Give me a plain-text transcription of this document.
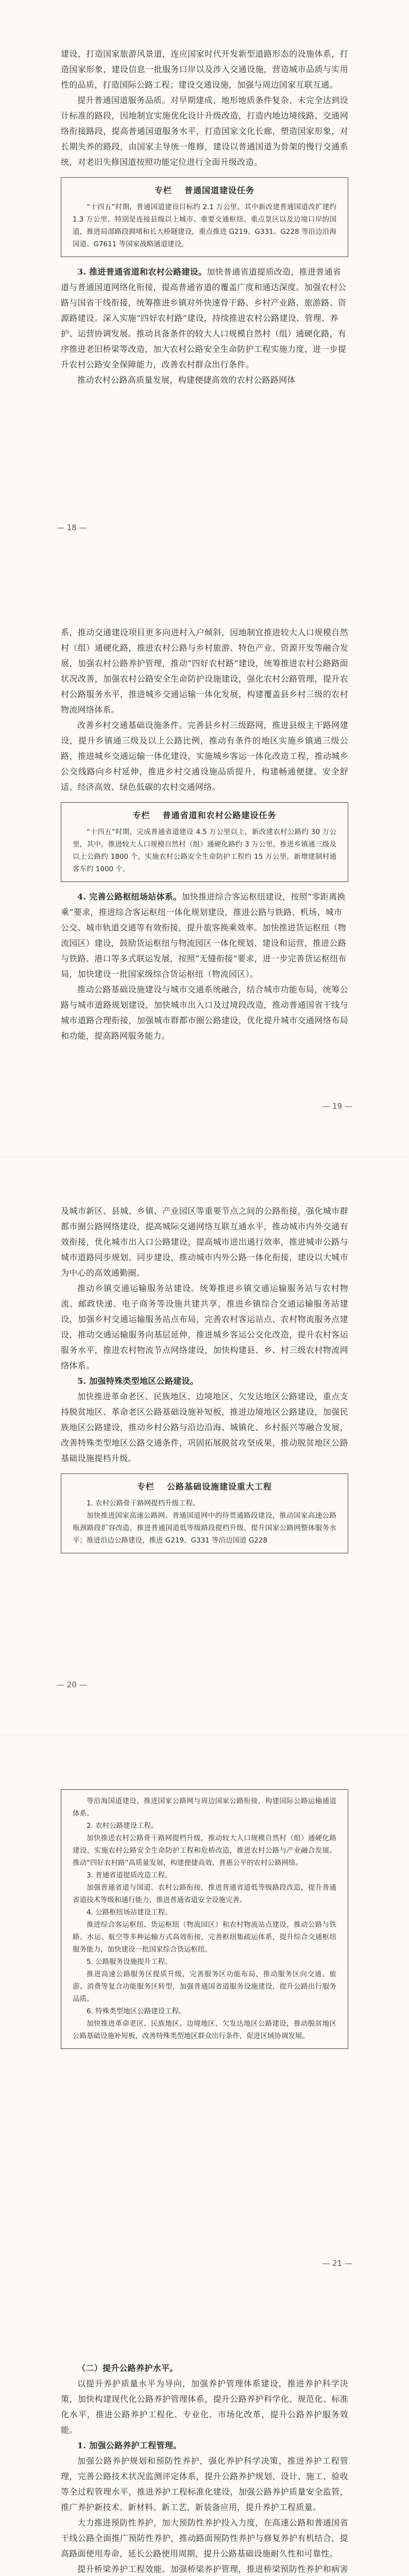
建设，打造国家旅游风景道，连应国家时代开发新型道路形态的设施体系，打造国家形象，建设信息一批服务口岸以及涉入交通设施，营造城市品质与实用性的品质，打造国际公路工程；建设交通设施，加强与周边国家互联互通。

提升普通国道服务品质。对早期建成、地形地质条件复杂、未完全达到设计标准的路段，因地制宜实施优化设计升级改造，打造内地边境线路、交通网络衔接路段，提高普通国道服务水平，打造国家文化长廊，塑造国家形象，对长期失养的路段，由国家主导统一维修，建设以普通国道为骨架的慢行交通系统，对老旧失修国道按照功能定位进行全面升级改造。

专栏 普通国道建设任务

“十四五”时期，普通国道建设目标约 2.1 万公里。其中新改建普通国道改扩建约 1.3 万公里，特别是连接县级以上城市、重要交通枢纽、重点景区以及边境口岸的国道，推进局部路段拥堵和长大桥隧建设，重点推进 G219、G331、G228 等沿边沿海国道、G7611 等国家战略通道建设。

3. 推进普通省道和农村公路建设。加快普通省道提质改造，推进普通省道与普通国道网络化衔接，提高普通省道的覆盖广度和通达深度。加强农村公路与国省干线衔接，统筹推进乡镇对外快速骨干路、乡村产业路、旅游路、资源路建设。深入实施“四好农村路”建设，持续推进农村公路建设、管理、养护、运营协调发展。推动具备条件的较大人口规模自然村（组）通硬化路，有序推进老旧桥梁等改造，加大农村公路安全生命防护工程实施力度，进一步提升农村公路安全保障能力，改善农村群众出行条件。

推动农村公路高质量发展，构建便捷高效的农村公路路网体

— 18 —

系，推动交通建设项目更多向进村入户倾斜，因地制宜推进较大人口规模自然村（组）通硬化路，推进农村公路与乡村旅游、特色产业、资源开发等融合发展，加强农村公路养护管理，推动“四好农村路”建设，统筹推进农村公路路面状况改善，加强农村公路安全生命防护设施建设，强化农村公路管理，提升农村公路服务水平，推进城乡交通运输一体化发展，构建覆盖县乡村三级的农村物流网络体系。

改善乡村交通基础设施条件。完善县乡村三级路网，推进县级主干路网建设，提升乡镇通三级及以上公路比例，推动有条件的地区实施乡镇通三级公路，推进城乡交通运输一体化建设，实施城乡客运一体化改造工程，推动城乡公交线路向乡村延伸，推进乡村交通设施品质提升，构建畅通便捷、安全舒适、经济高效、绿色低碳的农村交通网络。

专栏 普通省道和农村公路建设任务

“十四五”时期，完成普通省道建设 4.5 万公里以上，新改建农村公路约 30 万公里，其中，推进较大人口规模自然村（组）通硬化路约 3 万公里，推进乡镇通三级及以上公路约 1800 个，实施农村公路安全生命防护工程约 15 万公里，新增建制村通客车约 1000 个。

4. 完善公路枢纽场站体系。加快推进综合客运枢纽建设，按照“零距离换乘”要求，推进综合客运枢纽一体化规划建设，推进公路与铁路、机场、城市公交、城市轨道交通等有效衔接，提升旅客换乘效率。加快推进货运枢纽（物流园区）建设，鼓励货运枢纽与物流园区一体化规划、建设和运营，推进公路与铁路、港口等多式联运发展，按照“无缝衔接”要求，进一步完善货运枢纽布局，加快建设一批国家级综合货运枢纽（物流园区）。

推动公路基础设施建设与城市交通系统融合，结合城市功能布局，统筹公路与城市道路规划建设，加快城市出入口及过境段改造，推动普通国省干线与城市道路合理衔接，加强城市群都市圈公路建设，优化提升城市交通网络布局和功能，提高路网服务能力。

— 19 —

及城市新区、县城、乡镇、产业园区等重要节点之间的公路衔接，强化城市群都市圈公路网络建设，提高城际交通网络互联互通水平，推动城市内外交通有效衔接，优化城市出入口公路建设，提高城市进出通行效率，推进城市公路与城市道路同步规划、同步建设，推动城市内外公路一体化衔接，建设以大城市为中心的高效通勤圈。

推动乡镇交通运输服务站建设。统筹推进乡镇交通运输服务站与农村物流、邮政快递、电子商务等设施共建共享，推进乡镇综合交通运输服务站建设，加强乡村交通运输服务站点布局，完善农村客运站点、农村物流服务点建设，推动交通运输服务向基层延伸，推进城乡客运公交化改造，提升农村客运服务水平，推进农村物流节点网络建设，加快构建县、乡、村三级农村物流网络体系。

5. 加强特殊类型地区公路建设。

加快推进革命老区、民族地区、边境地区、欠发达地区公路建设，重点支持脱贫地区、革命老区公路基础设施补短板，推进边境地区公路建设，加强民族地区公路建设，推动乡村公路与沿边沿海、城镇化、乡村振兴等融合发展，改善特殊类型地区公路交通条件，巩固拓展脱贫攻坚成果，推动脱贫地区公路基础设施提档升级。

专栏 公路基础设施建设重大工程

1. 农村公路骨干路网提档升级工程。

加快推进国家高速公路网、普通国道网中的待贯通路段建设，推动国家高速公路瓶颈路段扩容改造，推进普通国道低等级路段提档升级，提升国家公路网整体服务水平；推进沿边公路建设，推进 G219、G331 等沿边国道 G228

— 20 —

等沿海国道建设，推进国家公路网与周边国家公路衔接，构建国际公路运输通道体系。

2. 农村公路建设工程。

加快推进农村公路骨干路网提档升级，推动较大人口规模自然村（组）通硬化路建设，实施农村公路安全生命防护工程和危桥改造，推进农村公路与产业融合发展。推动“四好农村路”高质量发展，构建便捷高效、普惠公平的农村公路网络。

3. 普通省道提质改造工程。

加强普通省道与国道、农村公路衔接，推进普通省道低等级路段改造，提升普通省道技术等级和通行能力，推进普通省道安全设施完善。

4. 公路枢纽场站建设工程。

推进综合客运枢纽、货运枢纽（物流园区）和农村物流站点建设，推动公路与铁路、水运、航空等多种运输方式高效衔接，完善枢纽集疏运体系，提升综合交通枢纽服务能力，加快建设一批国家综合货运枢纽。

5. 公路服务设施提升工程。

推进高速公路服务区提质升级，完善服务区功能布局，推动服务区向交通、旅游、消费等复合功能服务区转型，加强普通国省道服务设施建设，提升公路出行服务品质。

6. 特殊类型地区公路建设工程。

加快推进革命老区、民族地区、边境地区、欠发达地区公路建设，推动脱贫地区公路基础设施补短板，改善特殊类型地区群众出行条件，促进区域协调发展。

— 21 —

（二）提升公路养护水平。

以提升养护质量水平为导向，加强养护管理体系建设，推进养护科学决策，加快构建现代化公路养护管理体系，提升公路养护科学化、规范化、标准化水平，推进公路养护工程化、专业化、市场化改革，提升公路养护服务效能。

1. 加强公路养护工程管理。

加强公路养护规划和预防性养护，强化养护科学决策，推进养护工程管理，完善公路技术状况监测评定体系，提升公路养护规划、设计、施工、验收等全过程管理水平，推进养护工程标准化建设，加强公路养护质量安全监管，推广养护新技术、新材料、新工艺、新装备应用，提升养护工程质量。

大力推进预防性养护，加大预防性养护投入力度，在高速公路和普通国省干线公路全面推广预防性养护，推动路面预防性养护与修复养护有机结合，提高路面使用寿命，延长公路使用周期，提升公路基础设施耐久性和可靠性。

提升桥梁养护工程效能。加强桥梁养护管理，推进桥梁预防性养护和病害
